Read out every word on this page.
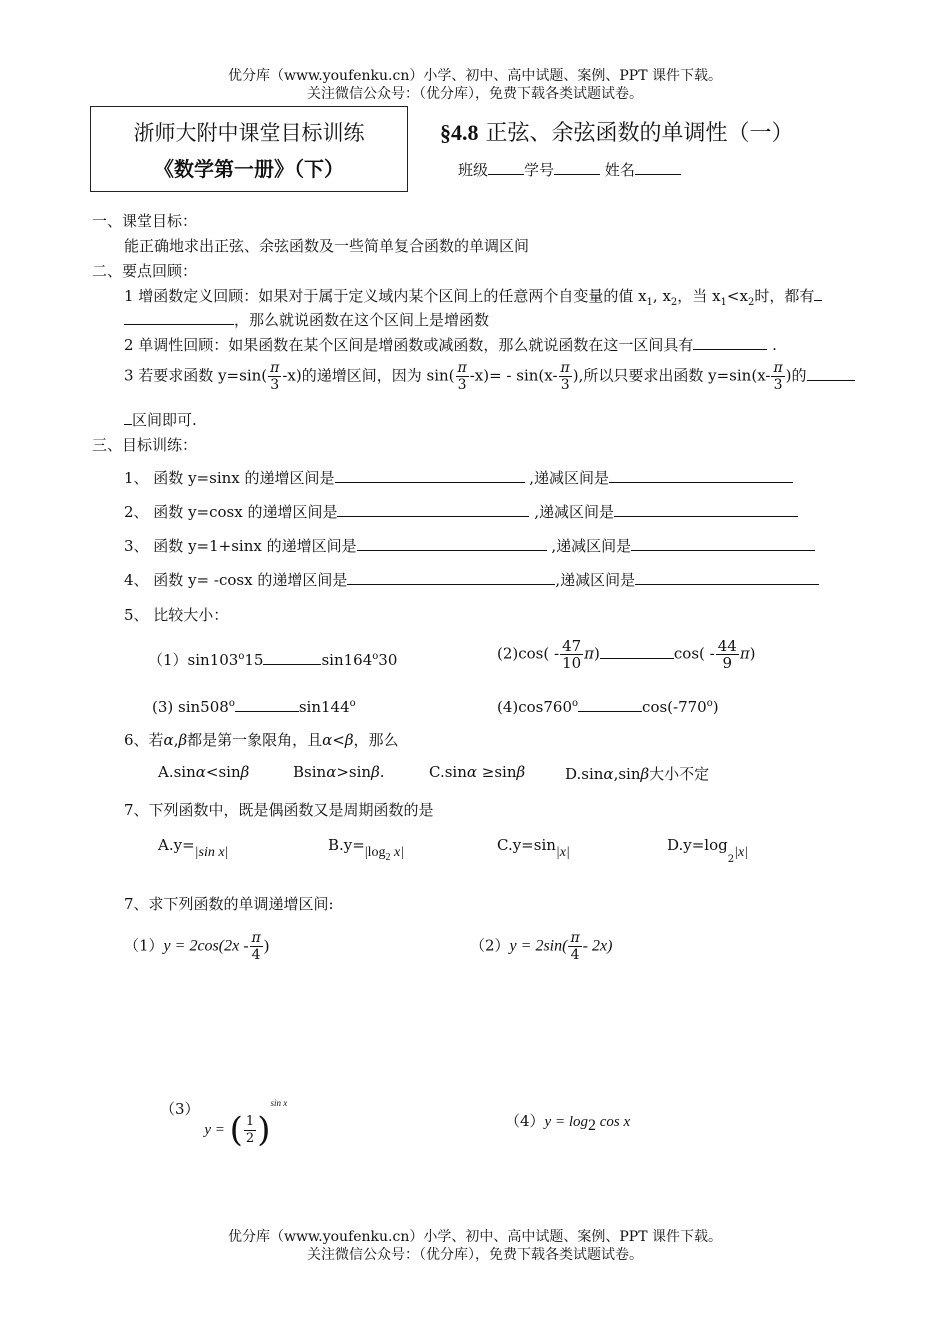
优分库（www.youfenku.cn）小学、初中、高中试题、案例、PPT 课件下载。
关注微信公众号：（优分库），免费下载各类试题试卷。
浙师大附中课堂目标训练
《数学第一册》（下）
§4.8 正弦、余弦函数的单调性（一）
班级 学号	姓名
一、课堂目标：
能正确地求出正弦、余弦函数及一些简单复合函数的单调区间
二、要点回顾：
1 增函数定义回顾：如果对于属于定义域内某个区间上的任意两个自变量的值 $x_1$, $x_2$，当 $x_1<x_2$时，都有
，那么就说函数在这个区间上是增函数
2 单调性回顾：如果函数在某个区间是增函数或减函数，那么就说函数在这一区间具有	.
3 若要求函数 $y=\sin( \frac{\pi}{3} -x)$的递增区间，因为 $\sin( \frac{\pi}{3} -x)= - \sin(x- \frac{\pi}{3}$ ),所以只要求出函数 $y=\sin(x- \frac{\pi}{3}$ )的
区间即可.
三、目标训练：
1、 函数 y=sinx 的递增区间是	,递减区间是
2、 函数 y=cosx 的递增区间是	,递减区间是
3、 函数 y=1+sinx 的递增区间是	,递减区间是
4、 函数 y= -cosx 的递增区间是	,递减区间是
5、 比较大小：
（1）sin103$^o$15	sin164$^o$30	$(2)\cos( - \frac{47}{10} \pi)$	$\cos( - \frac{44}{9} \pi)$
(3) sin508$^o$	sin144$^o$	(4)cos760$^o$	cos(-770$^o$)
6、若α,β都是第一象限角，且α<β，那么
A.sinα<sinβ	Bsinα>sinβ.	C.sinα ≥sinβ	D.sinα,sinβ大小不定
7、下列函数中，既是偶函数又是周期函数的是
A.y=|sin x|	$B.y=|\log_2$ x|	C.y=sin|x|	$D.y=\log_2|x|$
7、求下列函数的单调递增区间:
$(1)y = 2\cos(2x - \frac{\pi}{4}$ )	$(2)y = 2\sin( \frac{\pi}{4} - 2x)$
（3） y = ( $\frac{1}{2} )^{sin x}$
$(4)y = \log_2 \cos x$
优分库（www.youfenku.cn）小学、初中、高中试题、案例、PPT 课件下载。
关注微信公众号：（优分库），免费下载各类试题试卷。
